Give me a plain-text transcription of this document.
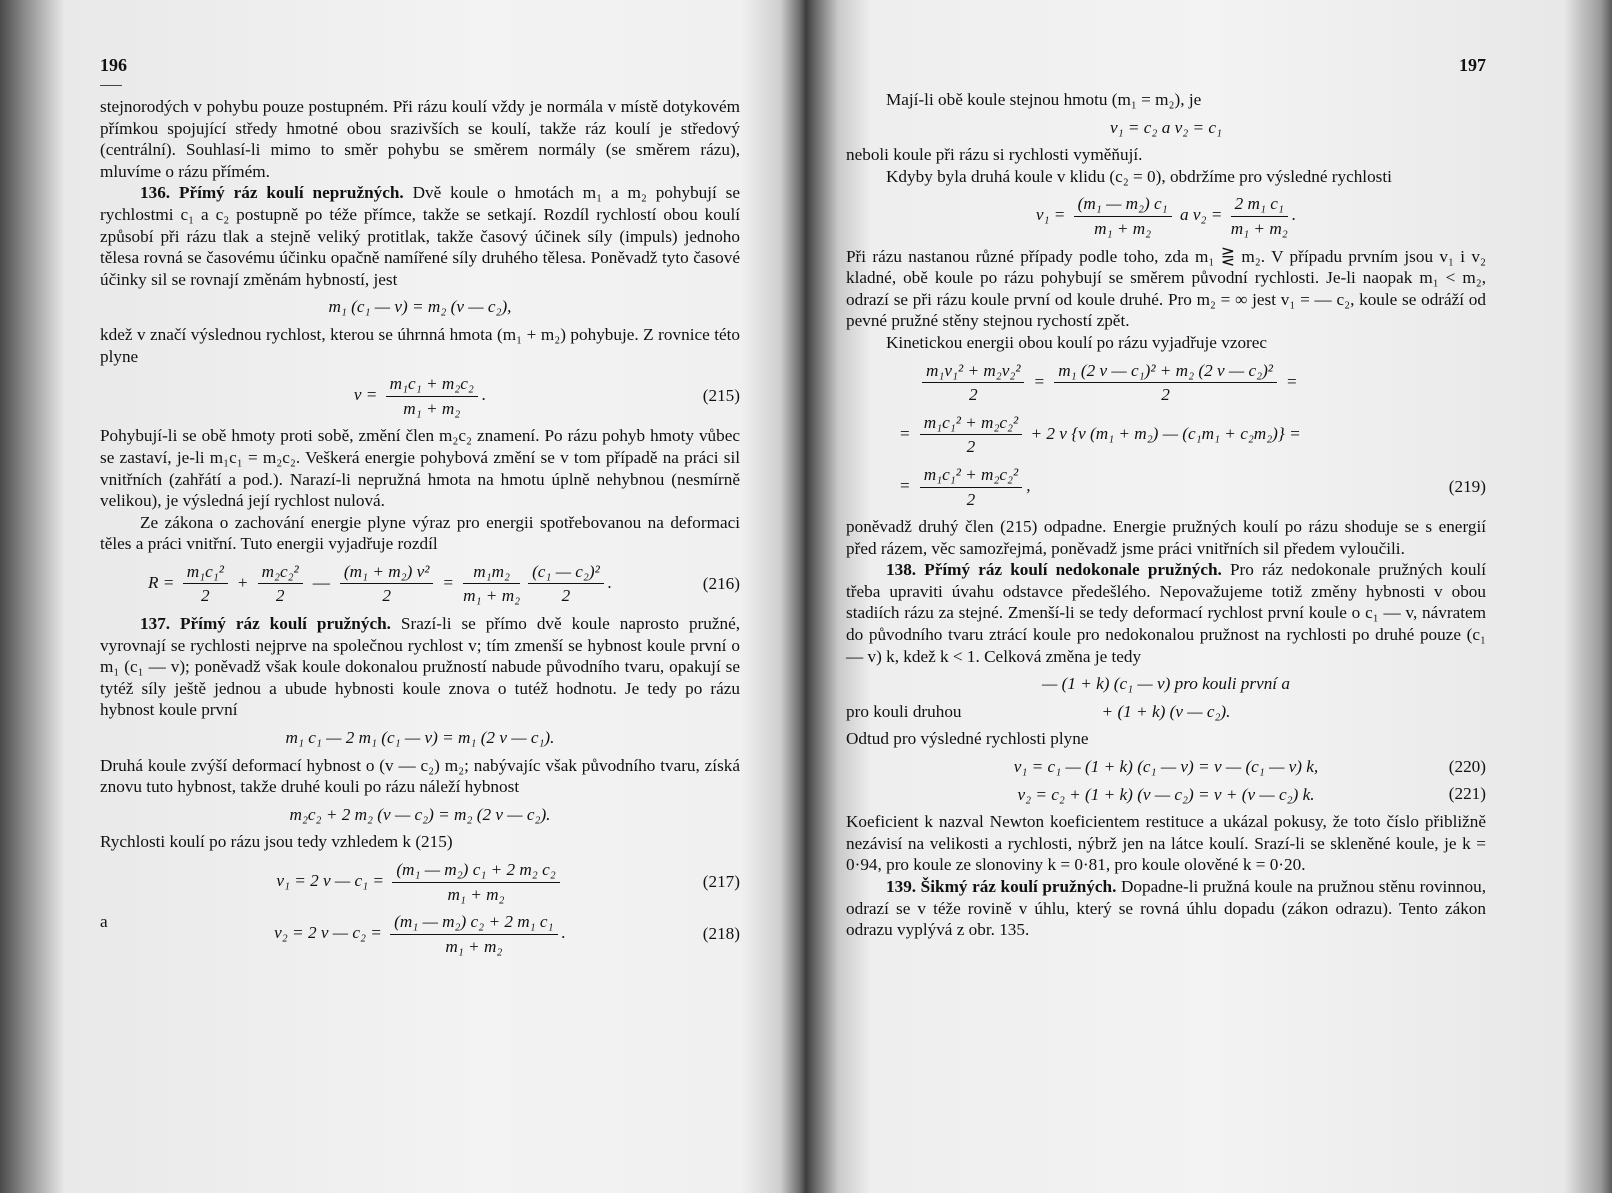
196

stejnorodých v pohybu pouze postupném. Při rázu koulí vždy je normála v místě dotykovém přímkou spojující středy hmotné obou srazivších se koulí, takže ráz koulí je středový (centrální). Souhlasí-li mimo to směr pohybu se směrem normály (se směrem rázu), mluvíme o rázu přímém.

136. Přímý ráz koulí nepružných. Dvě koule o hmotách m₁ a m₂ pohybují se rychlostmi c₁ a c₂ postupně po téže přímce, takže se setkají. Rozdíl rychlostí obou koulí způsobí při rázu tlak a stejně veliký protitlak, takže časový účinek síly (impuls) jednoho tělesa rovná se časovému účinku opačně namířené síly druhého tělesa. Poněvadž tyto časové účinky sil se rovnají změnám hybností, jest

m₁ (c₁ — v) = m₂ (v — c₂),

kdež v značí výslednou rychlost, kterou se úhrnná hmota (m₁ + m₂) pohybuje. Z rovnice této plyne

$v = \frac{\text{m₁c₁ + m₂c₂}}{\text{m₁ + m₂}}$ .	(215)

Pohybují-li se obě hmoty proti sobě, změní člen m₂c₂ znamení. Po rázu pohyb hmoty vůbec se zastaví, je-li m₁c₁ = m₂c₂. Veškerá energie pohybová změní se v tom případě na práci sil vnitřních (zahřátí a pod.). Narazí-li nepružná hmota na hmotu úplně nehybnou (nesmírně velikou), je výsledná její rychlost nulová.

Ze zákona o zachování energie plyne výraz pro energii spotřebovanou na deformaci těles a práci vnitřní. Tuto energii vyjadřuje rozdíl

$R = \frac{\text{m₁c₁²}}{2} + \frac{\text{m₂c₂²}}{2}$ — $\frac{\text{(m₁ + m₂) v²}}{2} = \frac{\text{m₁m₂}}{\text{m₁ + m₂}} \frac{\text{(c₁ — c₂)²}}{2}$ .	(216)

137. Přímý ráz koulí pružných. Srazí-li se přímo dvě koule naprosto pružné, vyrovnají se rychlosti nejprve na společnou rychlost v; tím zmenší se hybnost koule první o m₁ (c₁ — v); poněvadž však koule dokonalou pružností nabude původního tvaru, opakují se tytéž síly ještě jednou a ubude hybnosti koule znova o tutéž hodnotu. Je tedy po rázu hybnost koule první

m₁ c₁ — 2 m₁ (c₁ — v) = m₁ (2 v — c₁).

Druhá koule zvýší deformací hybnost o (v — c₂) m₂; nabývajíc však původního tvaru, získá znovu tuto hybnost, takže druhé kouli po rázu náleží hybnost

m₂c₂ + 2 m₂ (v — c₂) = m₂ (2 v — c₂).

Rychlosti koulí po rázu jsou tedy vzhledem k (215)

v₁ = 2 v — $c_1 = \frac{\text{(m₁ — m₂) c₁ + 2 m₂ c₂}}{\text{m₁ + m₂}}$	(217)
a
v₂ = 2 v — $c_2 = \frac{\text{(m₁ — m₂) c₂ + 2 m₁ c₁}}{\text{m₁ + m₂}}$ .	(218)
197

Mají-li obě koule stejnou hmotu (m₁ = m₂), je

v₁ = c₂ a v₂ = c₁

neboli koule při rázu si rychlosti vyměňují.

Kdyby byla druhá koule v klidu (c₂ = 0), obdržíme pro výsledné rychlosti

$v_1 = \frac{\text{(m₁ — m₂) c₁}}{\text{m₁ + m₂}}$ a $v_2 = \frac{\text{2 m₁ c₁}}{\text{m₁ + m₂}}$ .

Při rázu nastanou různé případy podle toho, zda m₁ ⋛ m₂. V případu prvním jsou v₁ i v₂ kladné, obě koule po rázu pohybují se směrem původní rychlosti. Je-li naopak m₁ < m₂, odrazí se při rázu koule první od koule druhé. Pro m₂ = ∞ jest v₁ = — c₂, koule se odráží od pevné pružné stěny stejnou rychostí zpět.

Kinetickou energii obou koulí po rázu vyjadřuje vzorec

$\frac{\text{m₁v₁² + m₂v₂²}}{2} = \frac{\text{m₁ (2 v — c₁)² + m₂ (2 v — c₂)²}}{2}$ =
= $\frac{\text{m₁c₁² + m₂c₂²}}{2} + 2$ v {v (m₁ + m₂) — (c₁m₁ + c₂m₂)} =
= $\frac{\text{m₁c₁² + m₂c₂²}}{2}$ ,	(219)

poněvadž druhý člen (215) odpadne. Energie pružných koulí po rázu shoduje se s energií před rázem, věc samozřejmá, poněvadž jsme práci vnitřních sil předem vyloučili.

138. Přímý ráz koulí nedokonale pružných. Pro ráz nedokonale pružných koulí třeba upraviti úvahu odstavce předešlého. Nepovažujeme totiž změny hybnosti v obou stadiích rázu za stejné. Zmenší-li se tedy deformací rychlost první koule o c₁ — v, návratem do původního tvaru ztrácí koule pro nedokonalou pružnost na rychlosti po druhé pouze (c₁ — v) k, kdež k < 1. Celková změna je tedy

— (1 + k) (c₁ — v) pro kouli první a
pro kouli druhou	+ (1 + k) (v — c₂).

Odtud pro výsledné rychlosti plyne

v₁ = c₁ — (1 + k) (c₁ — v) = v — (c₁ — v) k,	(220)
v₂ = c₂ + (1 + k) (v — c₂) = v + (v — c₂) k.	(221)

Koeficient k nazval Newton koeficientem restituce a ukázal pokusy, že toto číslo přibližně nezávisí na velikosti a rychlosti, nýbrž jen na látce koulí. Srazí-li se skleněné koule, je k = 0·94, pro koule ze slonoviny k = 0·81, pro koule olověné k = 0·20.

139. Šikmý ráz koulí pružných. Dopadne-li pružná koule na pružnou stěnu rovinnou, odrazí se v téže rovině v úhlu, který se rovná úhlu dopadu (zákon odrazu). Tento zákon odrazu vyplývá z obr. 135.
